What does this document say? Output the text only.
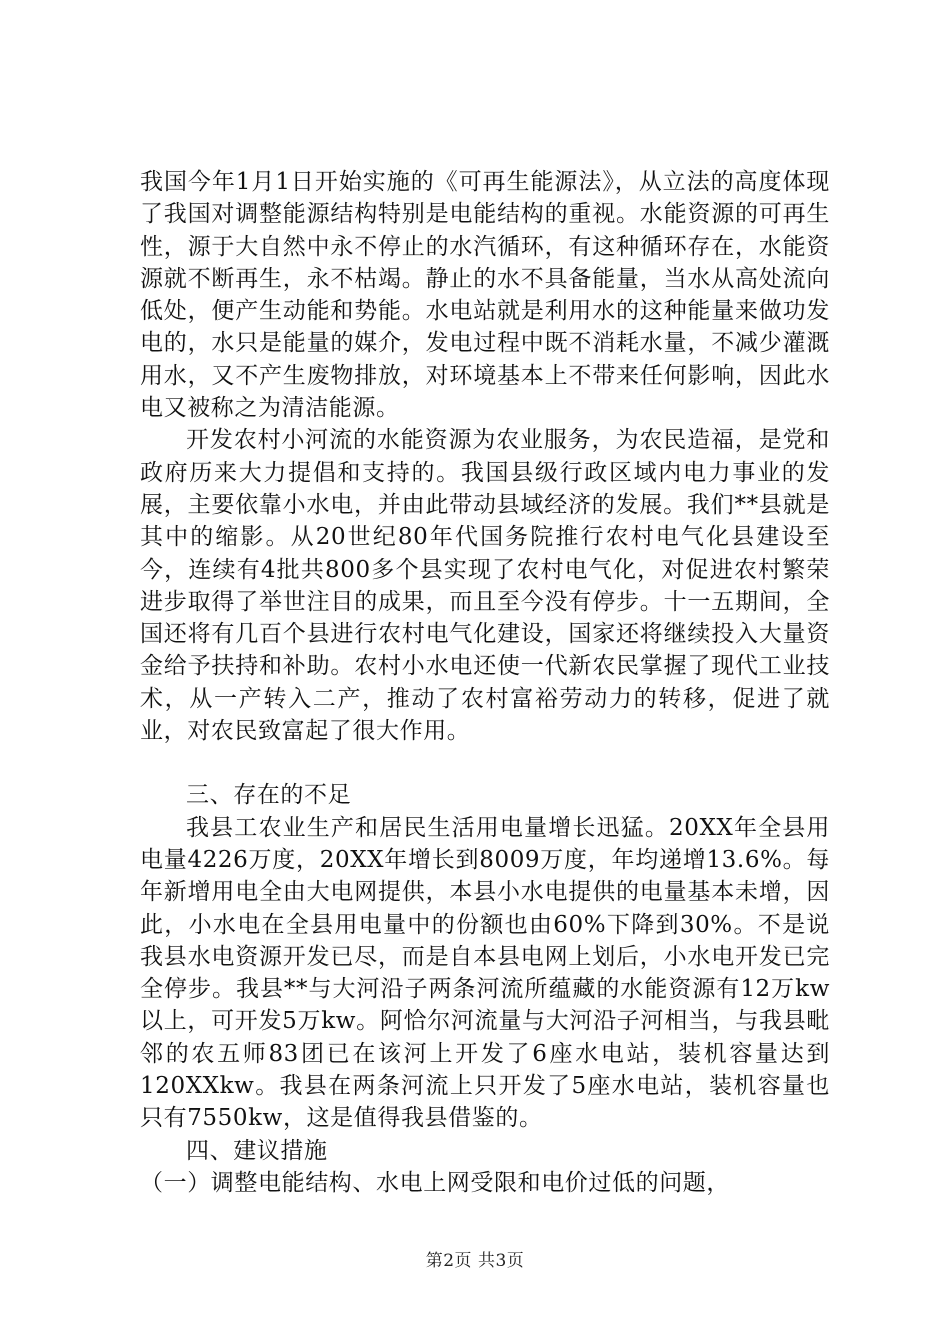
我国今年1月1日开始实施的《可再生能源法》，从立法的高度体现了我国对调整能源结构特别是电能结构的重视。水能资源的可再生性，源于大自然中永不停止的水汽循环，有这种循环存在，水能资源就不断再生，永不枯竭。静止的水不具备能量，当水从高处流向低处，便产生动能和势能。水电站就是利用水的这种能量来做功发电的，水只是能量的媒介，发电过程中既不消耗水量，不减少灌溉用水，又不产生废物排放，对环境基本上不带来任何影响，因此水电又被称之为清洁能源。

开发农村小河流的水能资源为农业服务，为农民造福，是党和政府历来大力提倡和支持的。我国县级行政区域内电力事业的发展，主要依靠小水电，并由此带动县域经济的发展。我们**县就是其中的缩影。从20世纪80年代国务院推行农村电气化县建设至今，连续有4批共800多个县实现了农村电气化，对促进农村繁荣进步取得了举世注目的成果，而且至今没有停步。十一五期间，全国还将有几百个县进行农村电气化建设，国家还将继续投入大量资金给予扶持和补助。农村小水电还使一代新农民掌握了现代工业技术，从一产转入二产，推动了农村富裕劳动力的转移，促进了就业，对农民致富起了很大作用。

三、存在的不足

我县工农业生产和居民生活用电量增长迅猛。20XX年全县用电量4226万度，20XX年增长到8009万度，年均递增13.6%。每年新增用电全由大电网提供，本县小水电提供的电量基本未增，因此，小水电在全县用电量中的份额也由60%下降到30%。不是说我县水电资源开发已尽，而是自本县电网上划后，小水电开发已完全停步。我县**与大河沿子两条河流所蕴藏的水能资源有12万kw以上，可开发5万kw。阿恰尔河流量与大河沿子河相当，与我县毗邻的农五师83团已在该河上开发了6座水电站，装机容量达到120XXkw。我县在两条河流上只开发了5座水电站，装机容量也只有7550kw，这是值得我县借鉴的。

四、建议措施

（一）调整电能结构、水电上网受限和电价过低的问题，

第2页 共3页
